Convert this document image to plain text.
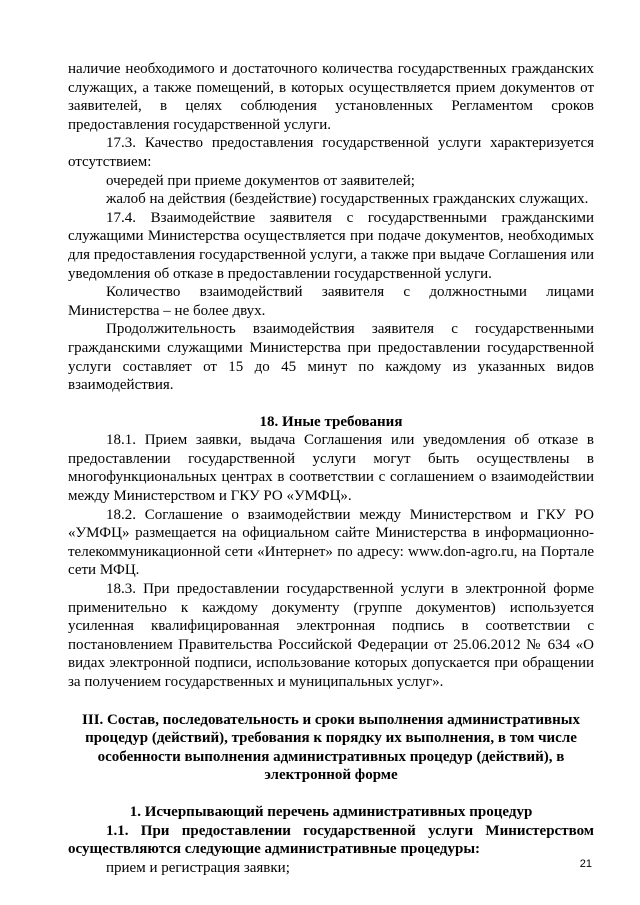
наличие необходимого и достаточного количества государственных гражданских служащих, а также помещений, в которых осуществляется прием документов от заявителей, в целях соблюдения установленных Регламентом сроков предоставления государственной услуги.

17.3. Качество предоставления государственной услуги характеризуется отсутствием:

очередей при приеме документов от заявителей;

жалоб на действия (бездействие) государственных гражданских служащих.

17.4. Взаимодействие заявителя с государственными гражданскими служащими Министерства осуществляется при подаче документов, необходимых для предоставления государственной услуги, а также при выдаче Соглашения или уведомления об отказе в предоставлении государственной услуги.

Количество взаимодействий заявителя с должностными лицами Министерства – не более двух.

Продолжительность взаимодействия заявителя с государственными гражданскими служащими Министерства при предоставлении государственной услуги составляет от 15 до 45 минут по каждому из указанных видов взаимодействия.

18. Иные требования

18.1. Прием заявки, выдача Соглашения или уведомления об отказе в предоставлении государственной услуги могут быть осуществлены в многофункциональных центрах в соответствии с соглашением о взаимодействии между Министерством и ГКУ РО «УМФЦ».

18.2. Соглашение о взаимодействии между Министерством и ГКУ РО «УМФЦ» размещается на официальном сайте Министерства в информационно-телекоммуникационной сети «Интернет» по адресу: www.don-agro.ru, на Портале сети МФЦ.

18.3. При предоставлении государственной услуги в электронной форме применительно к каждому документу (группе документов) используется усиленная квалифицированная электронная подпись в соответствии с постановлением Правительства Российской Федерации от 25.06.2012 № 634 «О видах электронной подписи, использование которых допускается при обращении за получением государственных и муниципальных услуг».

III. Состав, последовательность и сроки выполнения административных процедур (действий), требования к порядку их выполнения, в том числе особенности выполнения административных процедур (действий), в электронной форме

1. Исчерпывающий перечень административных процедур

1.1. При предоставлении государственной услуги Министерством осуществляются следующие административные процедуры:

прием и регистрация заявки;	21
